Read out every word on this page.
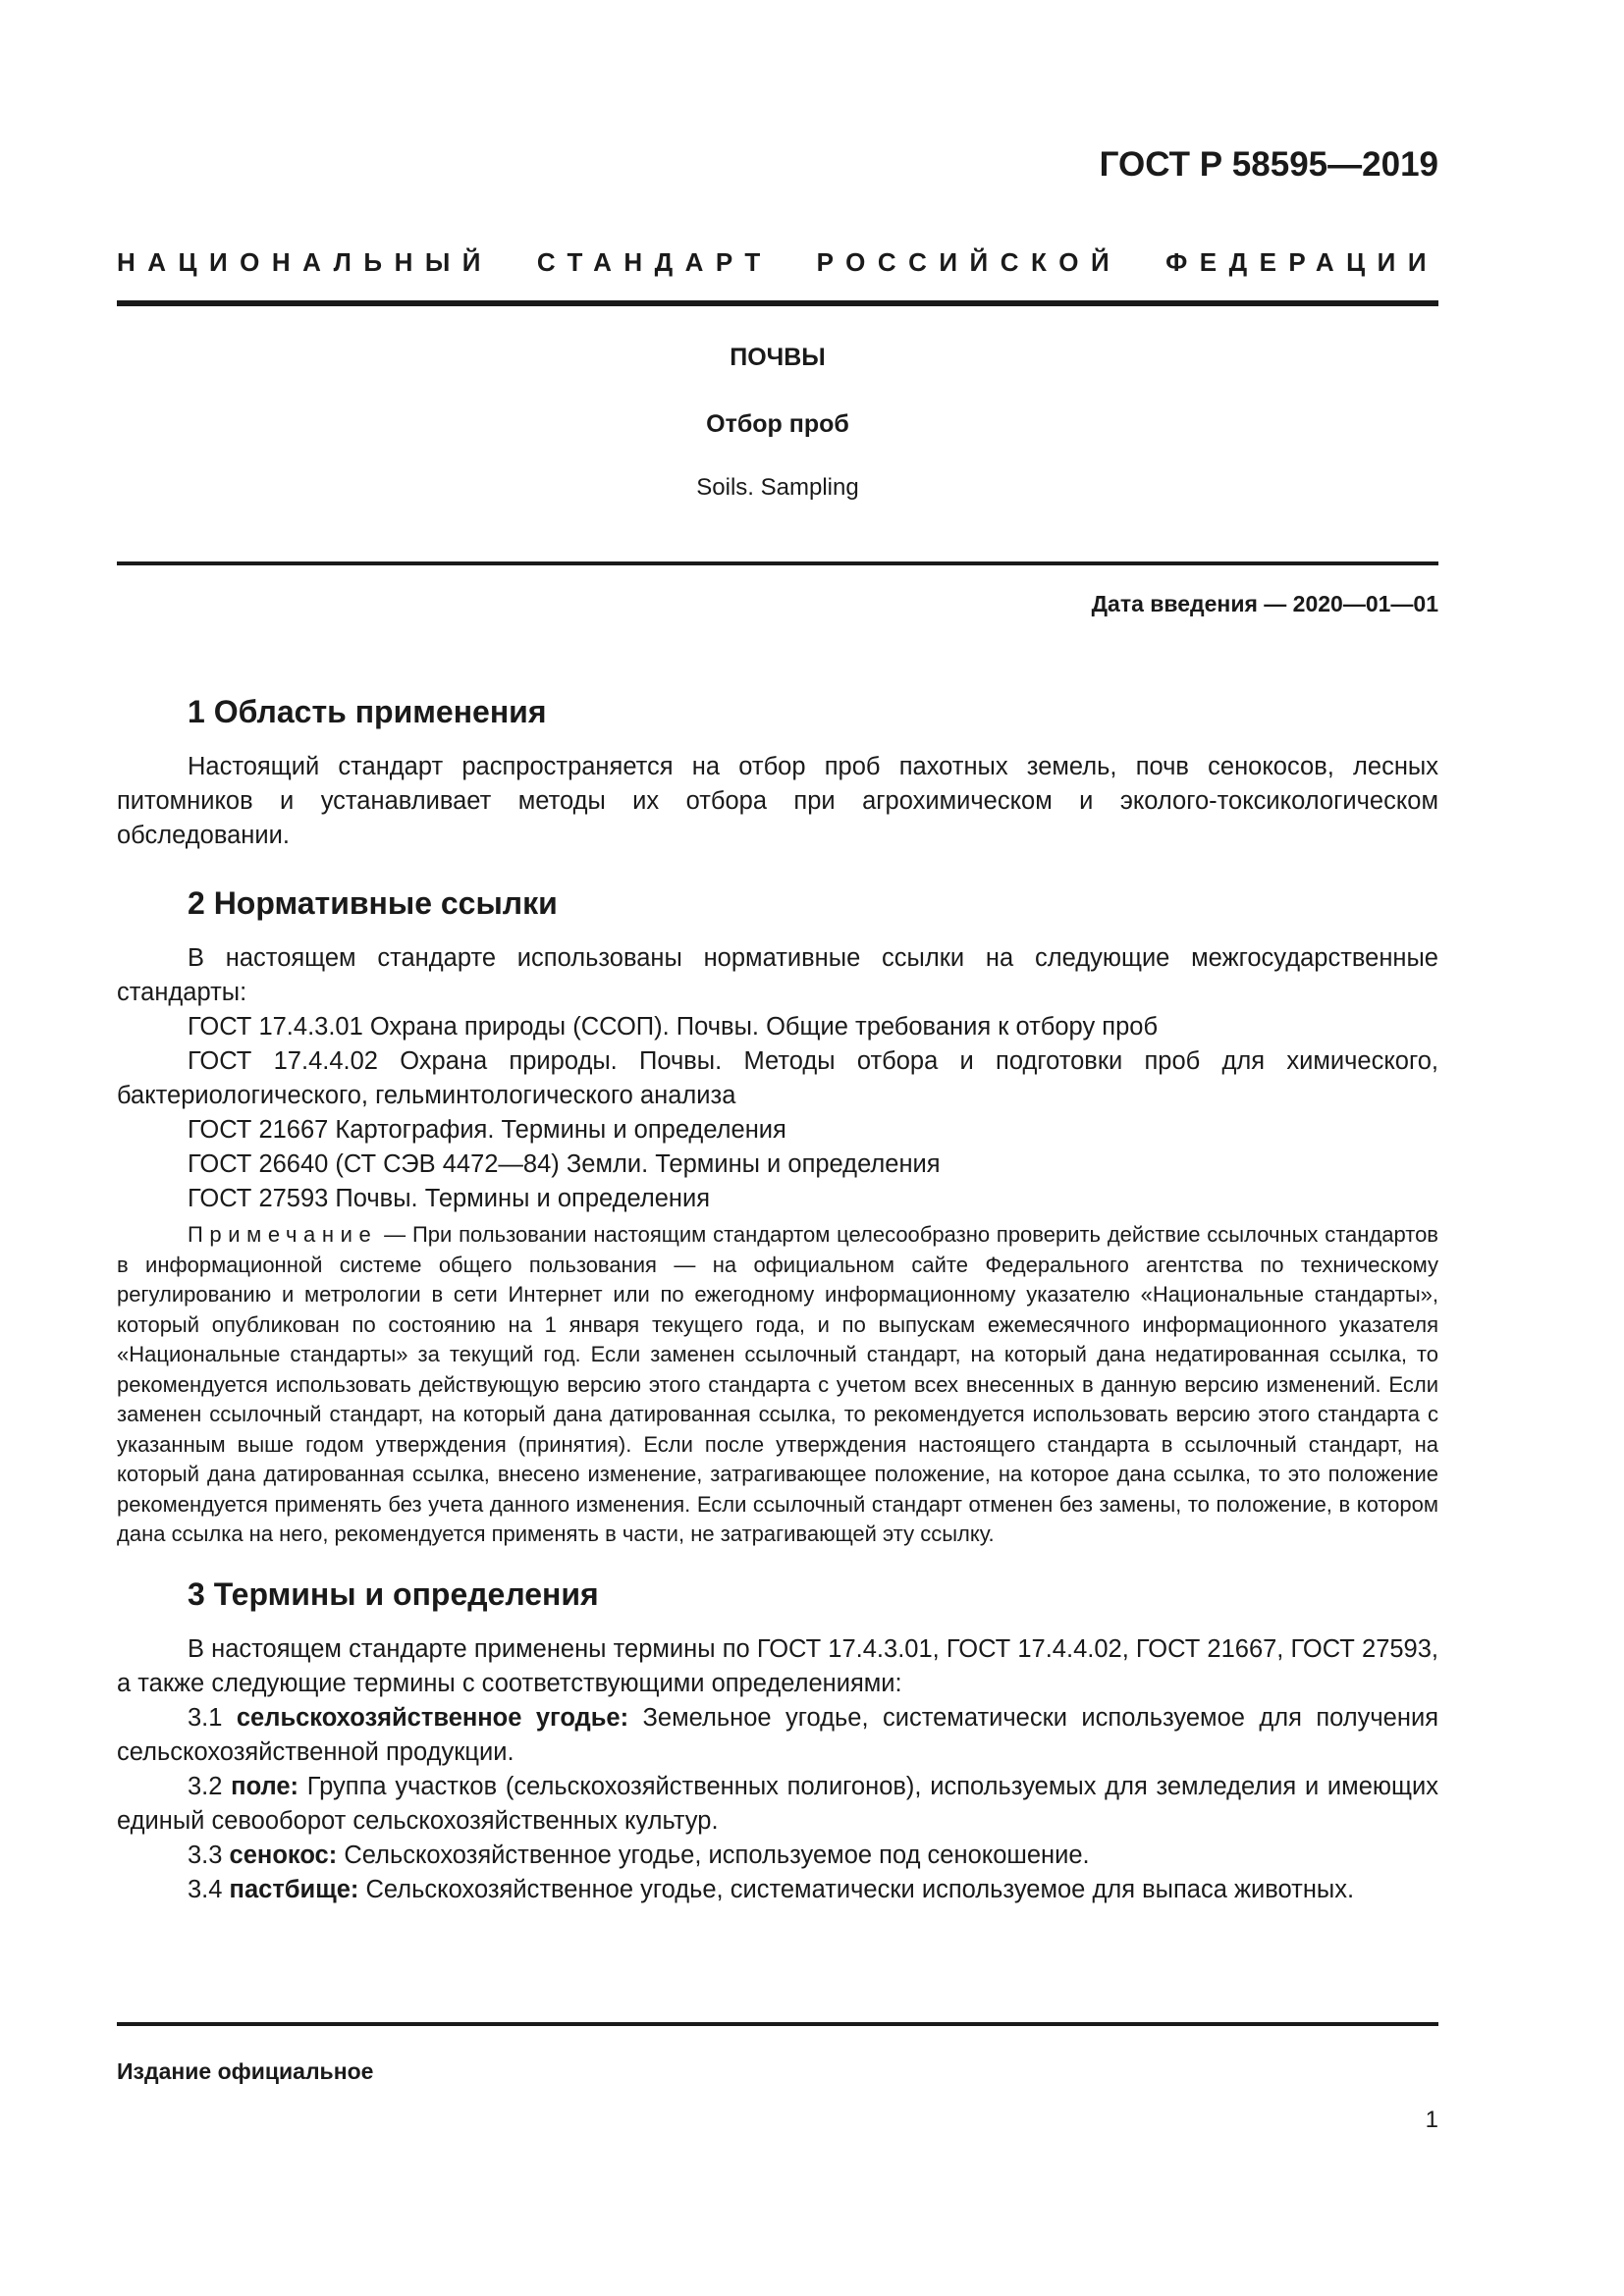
ГОСТ Р 58595—2019
НАЦИОНАЛЬНЫЙ СТАНДАРТ РОССИЙСКОЙ ФЕДЕРАЦИИ
ПОЧВЫ
Отбор проб
Soils. Sampling
Дата введения — 2020—01—01
1 Область применения

Настоящий стандарт распространяется на отбор проб пахотных земель, почв сенокосов, лесных питомников и устанавливает методы их отбора при агрохимическом и эколого-токсикологическом обследовании.

2 Нормативные ссылки

В настоящем стандарте использованы нормативные ссылки на следующие межгосударственные стандарты:

ГОСТ 17.4.3.01 Охрана природы (ССОП). Почвы. Общие требования к отбору проб

ГОСТ 17.4.4.02 Охрана природы. Почвы. Методы отбора и подготовки проб для химического, бактериологического, гельминтологического анализа

ГОСТ 21667 Картография. Термины и определения

ГОСТ 26640 (СТ СЭВ 4472—84) Земли. Термины и определения

ГОСТ 27593 Почвы. Термины и определения

Примечание — При пользовании настоящим стандартом целесообразно проверить действие ссылочных стандартов в информационной системе общего пользования — на официальном сайте Федерального агентства по техническому регулированию и метрологии в сети Интернет или по ежегодному информационному указателю «Национальные стандарты», который опубликован по состоянию на 1 января текущего года, и по выпускам ежемесячного информационного указателя «Национальные стандарты» за текущий год. Если заменен ссылочный стандарт, на который дана недатированная ссылка, то рекомендуется использовать действующую версию этого стандарта с учетом всех внесенных в данную версию изменений. Если заменен ссылочный стандарт, на который дана датированная ссылка, то рекомендуется использовать версию этого стандарта с указанным выше годом утверждения (принятия). Если после утверждения настоящего стандарта в ссылочный стандарт, на который дана датированная ссылка, внесено изменение, затрагивающее положение, на которое дана ссылка, то это положение рекомендуется применять без учета данного изменения. Если ссылочный стандарт отменен без замены, то положение, в котором дана ссылка на него, рекомендуется применять в части, не затрагивающей эту ссылку.
3 Термины и определения

В настоящем стандарте применены термины по ГОСТ 17.4.3.01, ГОСТ 17.4.4.02, ГОСТ 21667, ГОСТ 27593, а также следующие термины с соответствующими определениями:

3.1 сельскохозяйственное угодье: Земельное угодье, систематически используемое для получения сельскохозяйственной продукции.

3.2 поле: Группа участков (сельскохозяйственных полигонов), используемых для земледелия и имеющих единый севооборот сельскохозяйственных культур.

3.3 сенокос: Сельскохозяйственное угодье, используемое под сенокошение.

3.4 пастбище: Сельскохозяйственное угодье, систематически используемое для выпаса животных.

Издание официальное
1
